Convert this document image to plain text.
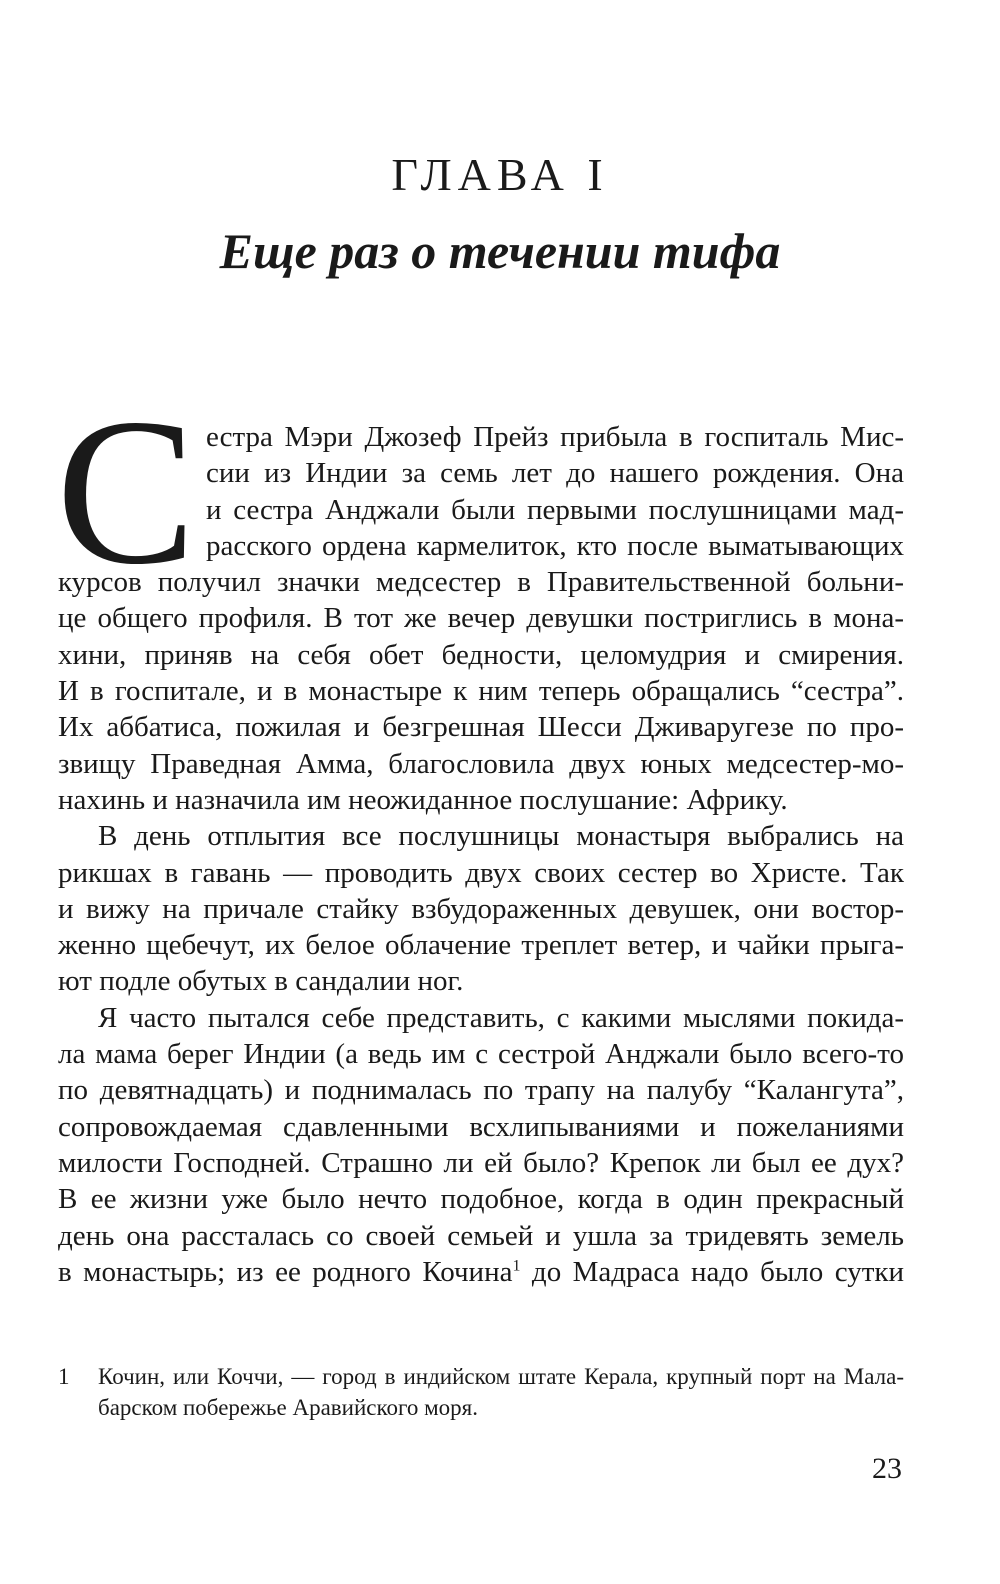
ГЛАВА I
Еще раз о течении тифа
С естра Мэри Джозеф Прейз прибыла в госпиталь Мис-
сии из Индии за семь лет до нашего рождения. Она
и сестра Анджали были первыми послушницами мад-
расского ордена кармелиток, кто после выматывающих
курсов получил значки медсестер в Правительственной больни-
це общего профиля. В тот же вечер девушки постриглись в мона-
хини, приняв на себя обет бедности, целомудрия и смирения.
И в госпитале, и в монастыре к ним теперь обращались “сестра”.
Их аббатиса, пожилая и безгрешная Шесси Дживаругезе по про-
звищу Праведная Амма, благословила двух юных медсестер-мо-
нахинь и назначила им неожиданное послушание: Африку.
В день отплытия все послушницы монастыря выбрались на
рикшах в гавань — проводить двух своих сестер во Христе. Так
и вижу на причале стайку взбудораженных девушек, они востор-
женно щебечут, их белое облачение треплет ветер, и чайки прыга-
ют подле обутых в сандалии ног.
Я часто пытался себе представить, с какими мыслями покида-
ла мама берег Индии (а ведь им с сестрой Анджали было всего-то
по девятнадцать) и поднималась по трапу на палубу “Калангута”,
сопровождаемая сдавленными всхлипываниями и пожеланиями
милости Господней. Страшно ли ей было? Крепок ли был ее дух?
В ее жизни уже было нечто подобное, когда в один прекрасный
день она рассталась со своей семьей и ушла за тридевять земель
в монастырь; из ее родного Кочина$^1$ до Мадраса надо было сутки
1 Кочин, или Коччи, — город в индийском штате Керала, крупный порт на Мала-
барском побережье Аравийского моря.
23
